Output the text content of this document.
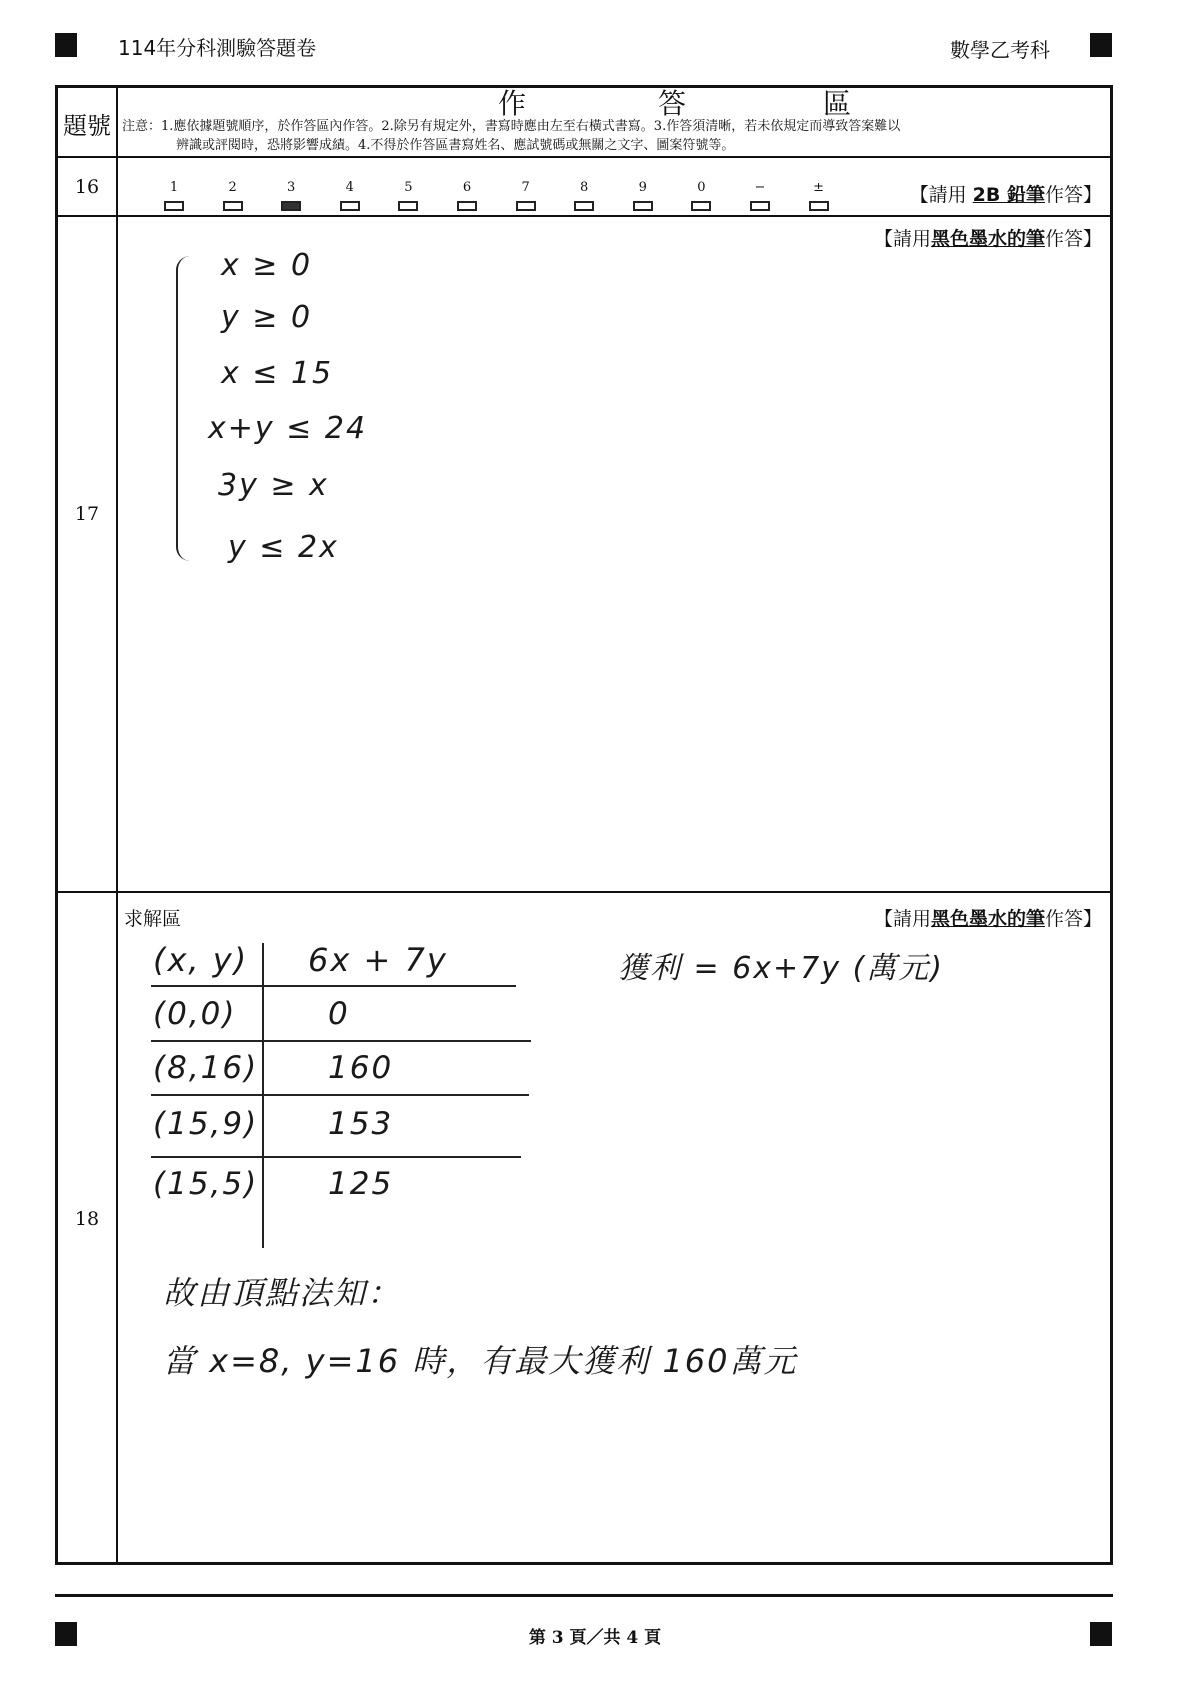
114年分科測驗答題卷	數學乙考科
題號
作	答	區
注意：1.應依據題號順序，於作答區內作答。2.除另有規定外，書寫時應由左至右橫式書寫。3.作答須清晰，若未依規定而導致答案難以
辨識或評閱時，恐將影響成績。4.不得於作答區書寫姓名、應試號碼或無關之文字、圖案符號等。
16	1	2	3	4	5	6	7	8	9	0	−	±	【請用 2B 鉛筆作答】
17
【請用黑色墨水的筆作答】
x ≥ 0
y ≥ 0
x ≤ 15
x+y ≤ 24
3y ≥ x
y ≤ 2x
18
求解區	【請用黑色墨水的筆作答】
(x, y) 6x + 7y
(0,0)	0
(8,16) 160
(15,9) 153
(15,5) 125
獲利 = 6x+7y (萬元)
故由頂點法知：
當 x=8, y=16 時，有最大獲利 160萬元
第 3 頁／共 4 頁
